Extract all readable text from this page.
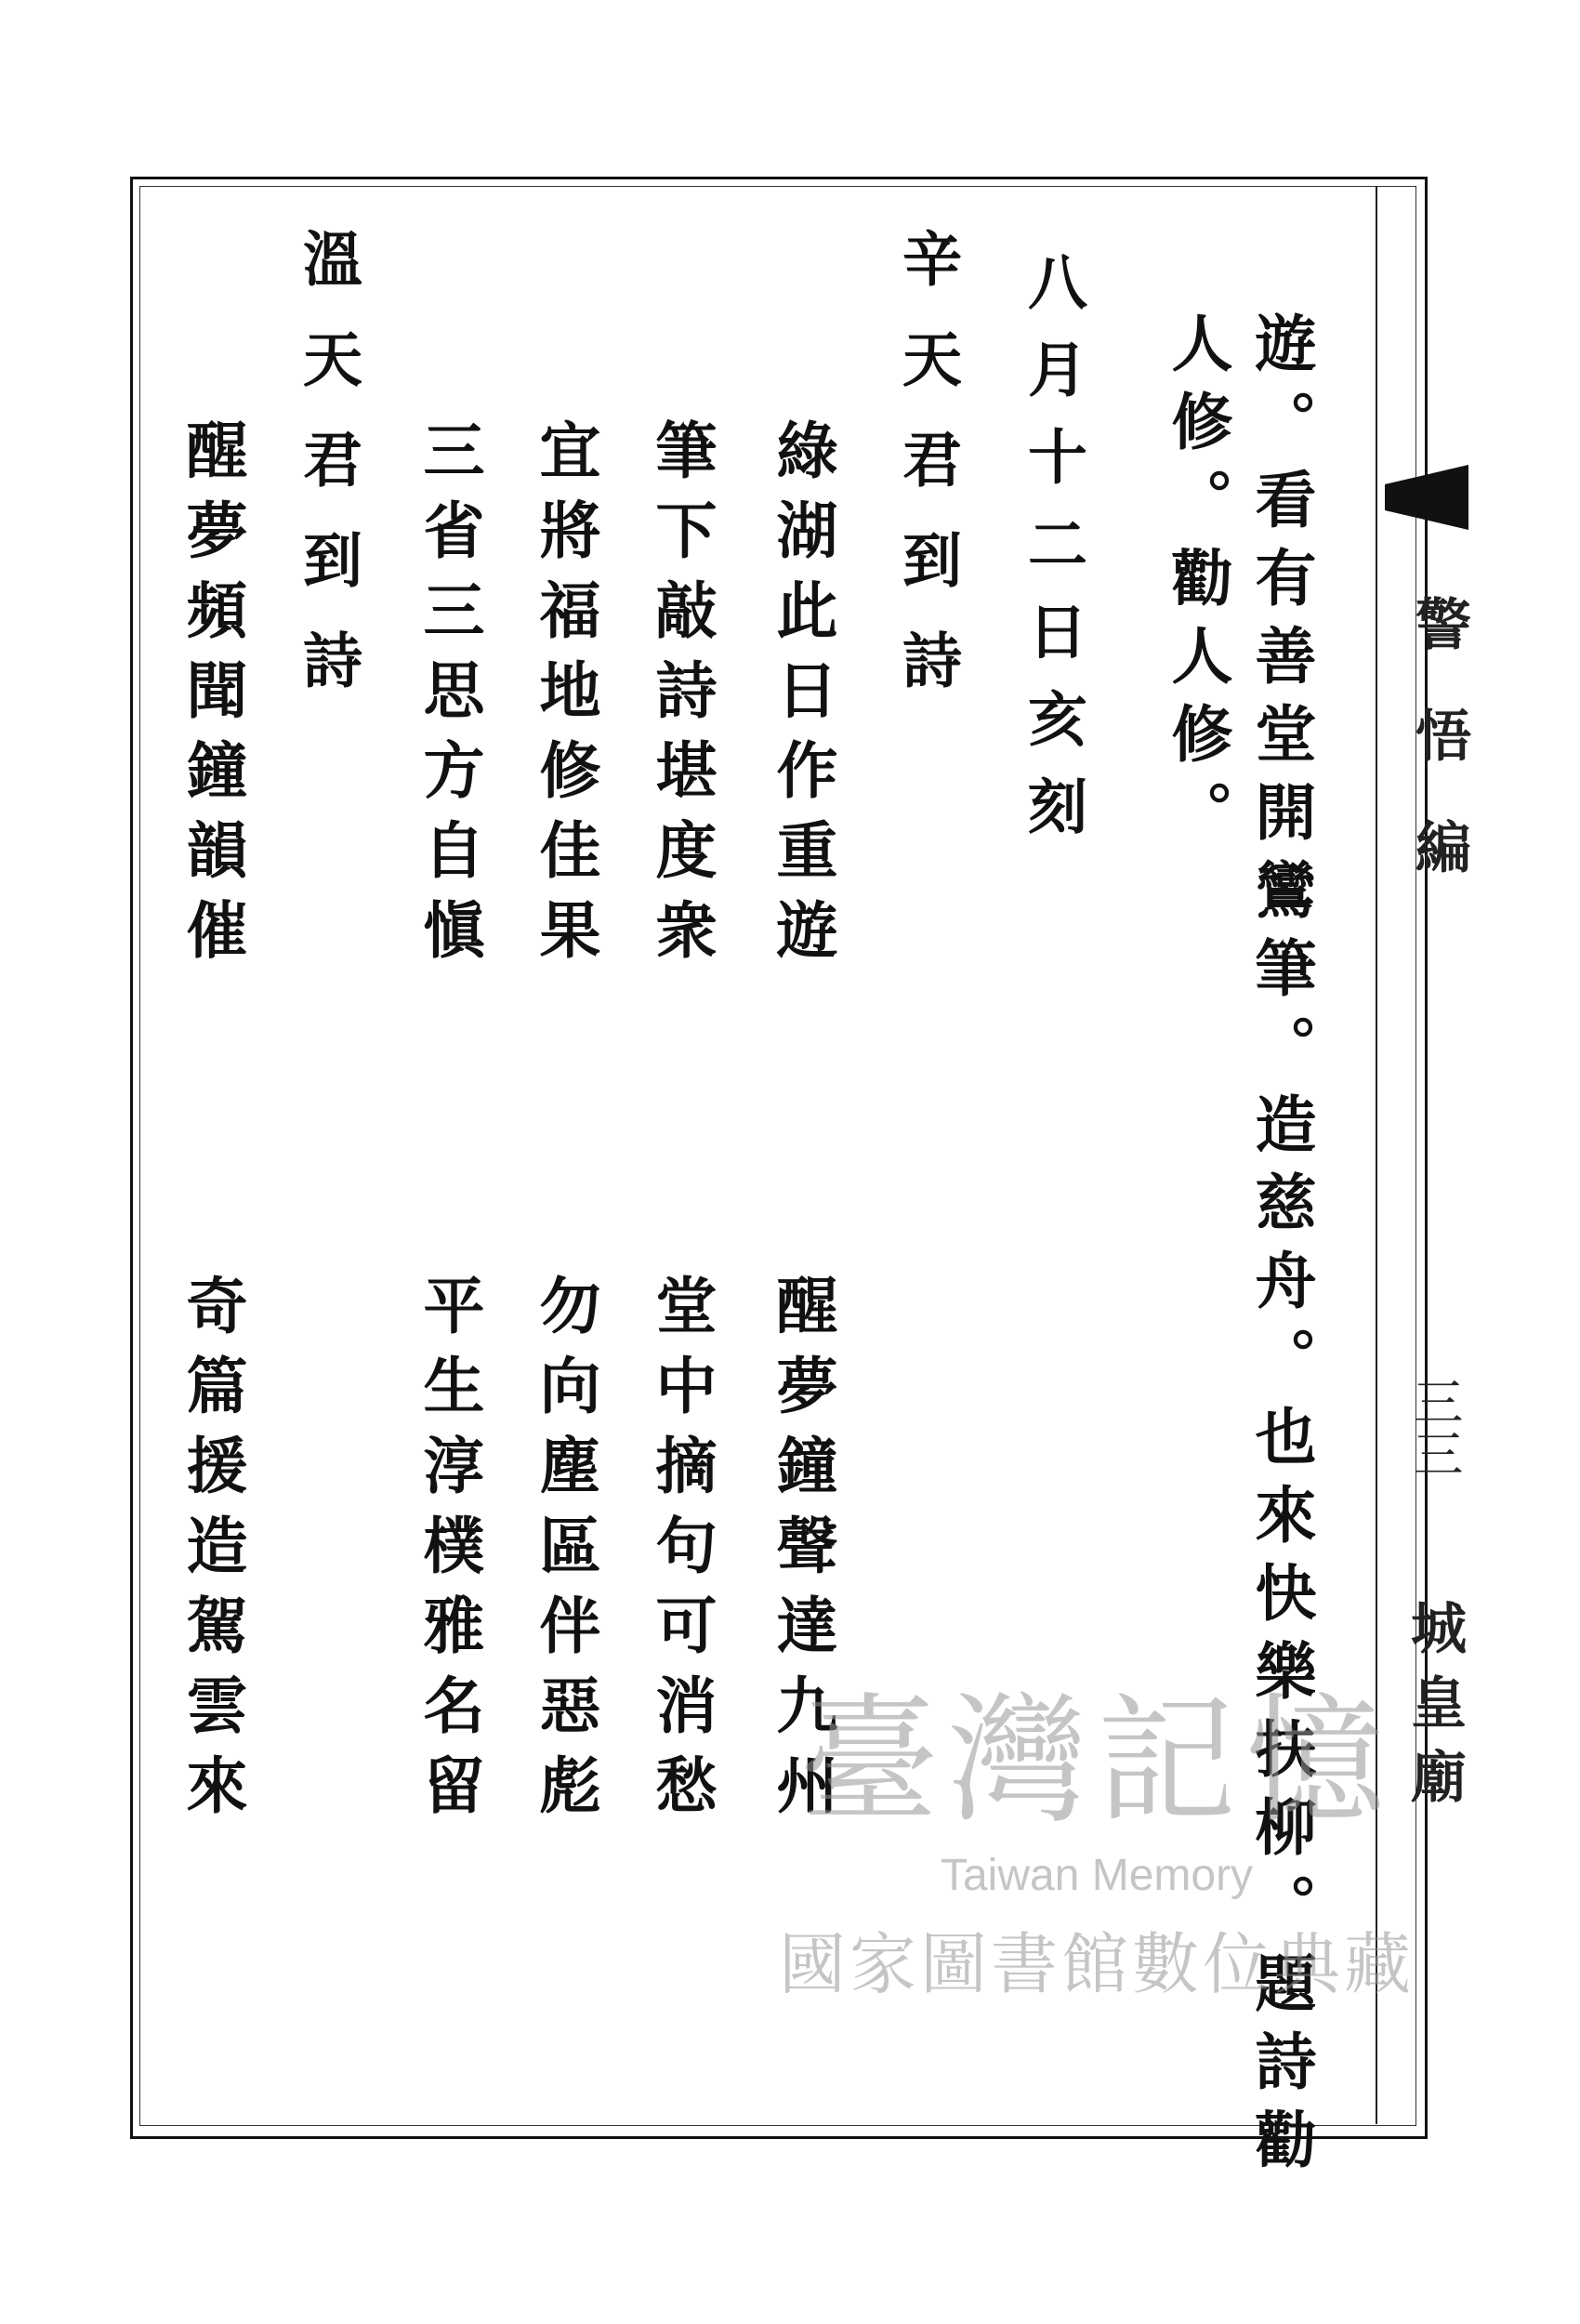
警悟編
三三
城皇廟
遊。看有善堂開鸞筆。造慈舟。也來快樂扶柳。題詩勸
人修。勸人修。
八月十二日亥刻
辛天君到詩
綠湖此日作重遊
醒夢鐘聲達九州
筆下敲詩堪度衆
堂中摘句可消愁
宜將福地修佳果
勿向塵區伴惡彪
三省三思方自愼
平生淳樸雅名留
溫天君到詩
醒夢頻聞鐘韻催
奇篇援造駕雲來	臺灣記憶
Taiwan Memory
國家圖書館數位典藏
